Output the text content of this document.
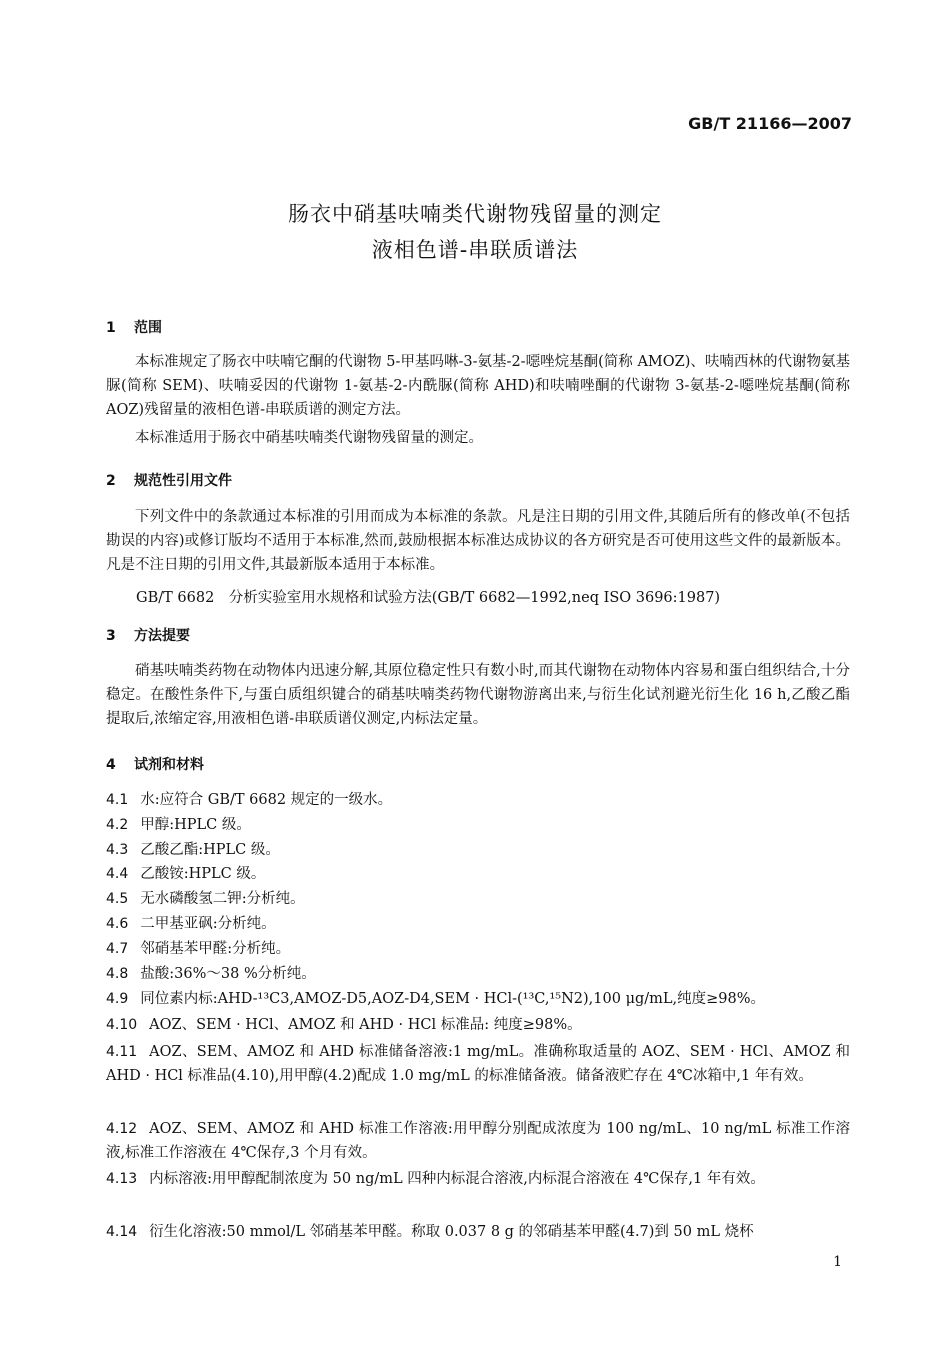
GB/T 21166—2007
肠衣中硝基呋喃类代谢物残留量的测定
液相色谱-串联质谱法
1 范围
本标准规定了肠衣中呋喃它酮的代谢物 5-甲基吗啉-3-氨基-2-噁唑烷基酮(简称 AMOZ)、呋喃西林的代谢物氨基脲(简称 SEM)、呋喃妥因的代谢物 1-氨基-2-内酰脲(简称 AHD)和呋喃唑酮的代谢物 3-氨基-2-噁唑烷基酮(简称 AOZ)残留量的液相色谱-串联质谱的测定方法。
本标准适用于肠衣中硝基呋喃类代谢物残留量的测定。
2 规范性引用文件
下列文件中的条款通过本标准的引用而成为本标准的条款。凡是注日期的引用文件,其随后所有的修改单(不包括勘误的内容)或修订版均不适用于本标准,然而,鼓励根据本标准达成协议的各方研究是否可使用这些文件的最新版本。凡是不注日期的引用文件,其最新版本适用于本标准。
GB/T 6682　分析实验室用水规格和试验方法(GB/T 6682—1992,neq ISO 3696:1987)
3 方法提要
硝基呋喃类药物在动物体内迅速分解,其原位稳定性只有数小时,而其代谢物在动物体内容易和蛋白组织结合,十分稳定。在酸性条件下,与蛋白质组织键合的硝基呋喃类药物代谢物游离出来,与衍生化试剂避光衍生化 16 h,乙酸乙酯提取后,浓缩定容,用液相色谱-串联质谱仪测定,内标法定量。
4 试剂和材料
4.1 水:应符合 GB/T 6682 规定的一级水。
4.2 甲醇:HPLC 级。
4.3 乙酸乙酯:HPLC 级。
4.4 乙酸铵:HPLC 级。
4.5 无水磷酸氢二钾:分析纯。
4.6 二甲基亚砜:分析纯。
4.7 邻硝基苯甲醛:分析纯。
4.8 盐酸:36%～38 %分析纯。
4.9 同位素内标:AHD-¹³C3,AMOZ-D5,AOZ-D4,SEM · HCl-(¹³C,¹⁵N2),100 μg/mL,纯度≥98%。
4.10 AOZ、SEM · HCl、AMOZ 和 AHD · HCl 标准品: 纯度≥98%。
4.11 AOZ、SEM、AMOZ 和 AHD 标准储备溶液:1 mg/mL。准确称取适量的 AOZ、SEM · HCl、AMOZ 和 AHD · HCl 标准品(4.10),用甲醇(4.2)配成 1.0 mg/mL 的标准储备液。储备液贮存在 4℃冰箱中,1 年有效。
4.12 AOZ、SEM、AMOZ 和 AHD 标准工作溶液:用甲醇分别配成浓度为 100 ng/mL、10 ng/mL 标准工作溶液,标准工作溶液在 4℃保存,3 个月有效。
4.13 内标溶液:用甲醇配制浓度为 50 ng/mL 四种内标混合溶液,内标混合溶液在 4℃保存,1 年有效。
4.14 衍生化溶液:50 mmol/L 邻硝基苯甲醛。称取 0.037 8 g 的邻硝基苯甲醛(4.7)到 50 mL 烧杯
1
